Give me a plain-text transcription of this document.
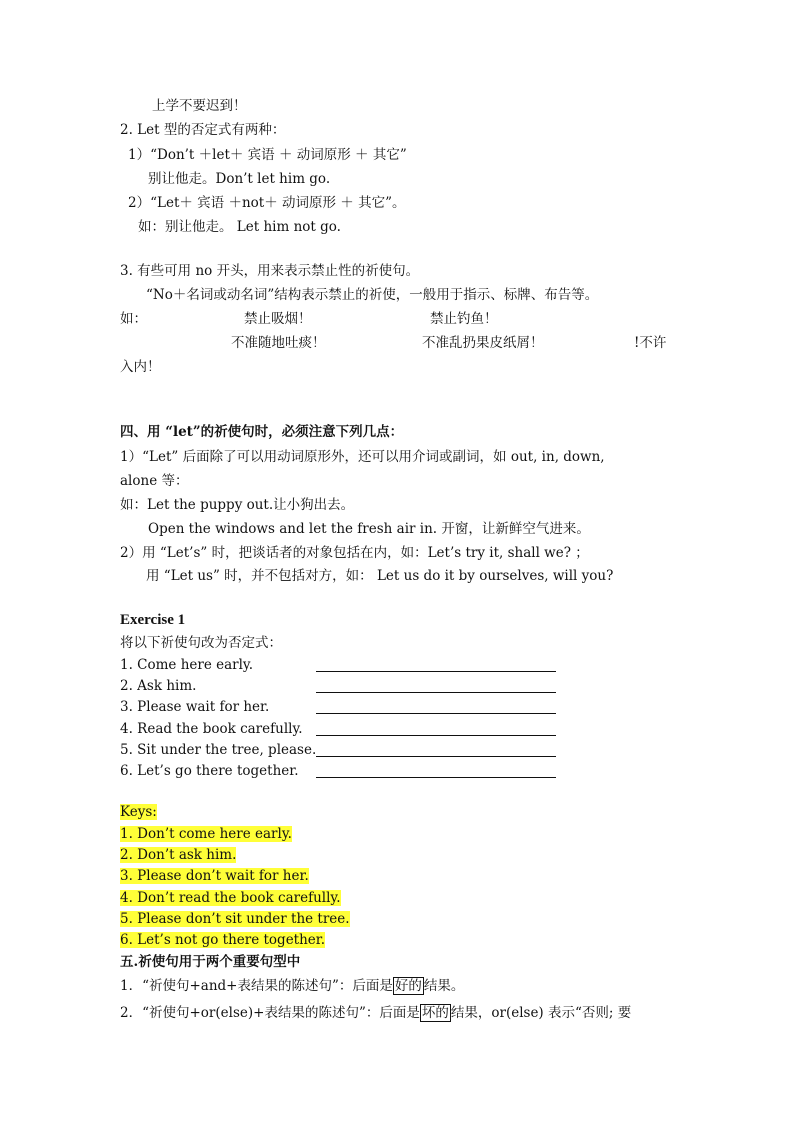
上学不要迟到！
2. Let 型的否定式有两种：
1）“Don’t ＋let＋ 宾语 ＋ 动词原形 ＋ 其它”
别让他走。Don’t let him go.
2）“Let＋ 宾语 ＋not＋ 动词原形 ＋ 其它”。
如：别让他走。 Let him not go.
3. 有些可用 no 开头，用来表示禁止性的祈使句。
“No＋名词或动名词”结构表示禁止的祈使，一般用于指示、标牌、布告等。
如：	禁止吸烟！	禁止钓鱼！
不准随地吐痰！	不准乱扔果皮纸屑！	!不许
入内！
四、用 “let”的祈使句时，必须注意下列几点：
1）“Let” 后面除了可以用动词原形外，还可以用介词或副词，如 out, in, down,
alone 等：
如：Let the puppy out.让小狗出去。
Open the windows and let the fresh air in. 开窗，让新鲜空气进来。
2）用 “Let’s” 时，把谈话者的对象包括在内，如：Let’s try it, shall we? ；
用 “Let us” 时，并不包括对方，如： Let us do it by ourselves, will you?
Exercise 1
将以下祈使句改为否定式：
1. Come here early.
2. Ask him.
3. Please wait for her.
4. Read the book carefully.
5. Sit under the tree, please.
6. Let’s go there together.
Keys:
1. Don’t come here early.
2. Don’t ask him.
3. Please don’t wait for her.
4. Don’t read the book carefully.
5. Please don’t sit under the tree.
6. Let’s not go there together.
五.祈使句用于两个重要句型中
1．“祈使句+and+表结果的陈述句”：后面是 好的 结果。
2．“祈使句+or(else)+表结果的陈述句”：后面是 坏的 结果，or(else) 表示“否则; 要
